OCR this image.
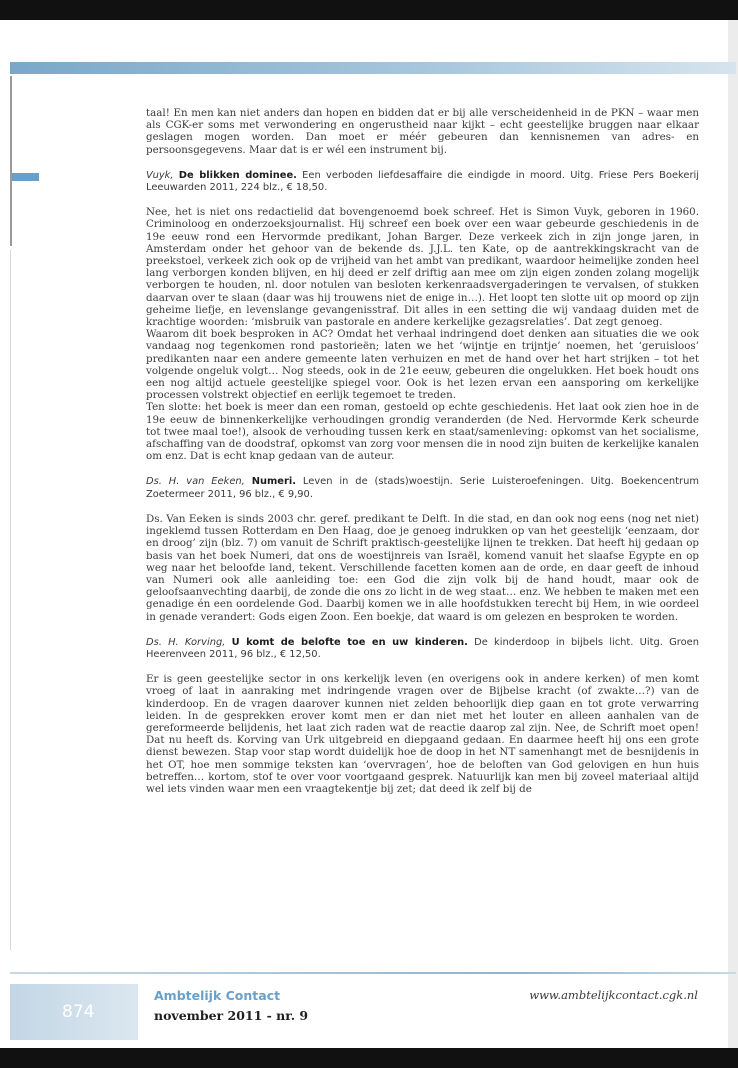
taal! En men kan niet anders dan hopen en bidden dat er bij alle verscheidenheid in de PKN – waar men als CGK-er soms met verwondering en ongerustheid naar kijkt – echt geestelijke bruggen naar elkaar geslagen mogen worden. Dan moet er méér gebeuren dan kennisnemen van adres- en persoonsgegevens. Maar dat is er wél een instrument bij.

Vuyk, De blikken dominee. Een verboden liefdesaffaire die eindigde in moord. Uitg. Friese Pers Boekerij Leeuwarden 2011, 224 blz., € 18,50.

Nee, het is niet ons redactielid dat bovengenoemd boek schreef. Het is Simon Vuyk, geboren in 1960. Criminoloog en onderzoeksjournalist. Hij schreef een boek over een waar gebeurde geschiedenis in de 19e eeuw rond een Hervormde predikant, Johan Barger. Deze verkeek zich in zijn jonge jaren, in Amsterdam onder het gehoor van de bekende ds. J.J.L. ten Kate, op de aantrekkingskracht van de preekstoel, verkeek zich ook op de vrijheid van het ambt van predikant, waardoor heimelijke zonden heel lang verborgen konden blijven, en hij deed er zelf driftig aan mee om zijn eigen zonden zolang mogelijk verborgen te houden, nl. door notulen van besloten kerkenraadsvergaderingen te vervalsen, of stukken daarvan over te slaan (daar was hij trouwens niet de enige in…). Het loopt ten slotte uit op moord op zijn geheime liefje, en levenslange gevangenisstraf. Dit alles in een setting die wij vandaag duiden met de krachtige woorden: ‘misbruik van pastorale en andere kerkelijke gezagsrelaties’. Dat zegt genoeg.

Waarom dit boek besproken in AC? Omdat het verhaal indringend doet denken aan situaties die we ook vandaag nog tegenkomen rond pastorieën; laten we het ‘wijntje en trijntje’ noemen, het ‘geruisloos’ predikanten naar een andere gemeente laten verhuizen en met de hand over het hart strijken – tot het volgende ongeluk volgt… Nog steeds, ook in de 21e eeuw, gebeuren die ongelukken. Het boek houdt ons een nog altijd actuele geestelijke spiegel voor. Ook is het lezen ervan een aansporing om kerkelijke processen volstrekt objectief en eerlijk tegemoet te treden.

Ten slotte: het boek is meer dan een roman, gestoeld op echte geschiedenis. Het laat ook zien hoe in de 19e eeuw de binnenkerkelijke verhoudingen grondig veranderden (de Ned. Hervormde Kerk scheurde tot twee maal toe!), alsook de verhouding tussen kerk en staat/samenleving: opkomst van het socialisme, afschaffing van de doodstraf, opkomst van zorg voor mensen die in nood zijn buiten de kerkelijke kanalen om enz. Dat is echt knap gedaan van de auteur.

Ds. H. van Eeken, Numeri. Leven in de (stads)woestijn. Serie Luisteroefeningen. Uitg. Boekencentrum Zoetermeer 2011, 96 blz., € 9,90.

Ds. Van Eeken is sinds 2003 chr. geref. predikant te Delft. In die stad, en dan ook nog eens (nog net niet) ingeklemd tussen Rotterdam en Den Haag, doe je genoeg indrukken op van het geestelijk ‘eenzaam, dor en droog’ zijn (blz. 7) om vanuit de Schrift praktisch-geestelijke lijnen te trekken. Dat heeft hij gedaan op basis van het boek Numeri, dat ons de woestijnreis van Israël, komend vanuit het slaafse Egypte en op weg naar het beloofde land, tekent. Verschillende facetten komen aan de orde, en daar geeft de inhoud van Numeri ook alle aanleiding toe: een God die zijn volk bij de hand houdt, maar ook de geloofsaanvechting daarbij, de zonde die ons zo licht in de weg staat… enz. We hebben te maken met een genadige én een oordelende God. Daarbij komen we in alle hoofdstukken terecht bij Hem, in wie oordeel in genade verandert: Gods eigen Zoon. Een boekje, dat waard is om gelezen en besproken te worden.

Ds. H. Korving, U komt de belofte toe en uw kinderen. De kinderdoop in bijbels licht. Uitg. Groen Heerenveen 2011, 96 blz., € 12,50.

Er is geen geestelijke sector in ons kerkelijk leven (en overigens ook in andere kerken) of men komt vroeg of laat in aanraking met indringende vragen over de Bijbelse kracht (of zwakte…?) van de kinderdoop. En de vragen daarover kunnen niet zelden behoorlijk diep gaan en tot grote verwarring leiden. In de gesprekken erover komt men er dan niet met het louter en alleen aanhalen van de gereformeerde belijdenis, het laat zich raden wat de reactie daarop zal zijn. Nee, de Schrift moet open! Dat nu heeft ds. Korving van Urk uitgebreid en diepgaand gedaan. En daarmee heeft hij ons een grote dienst bewezen. Stap voor stap wordt duidelijk hoe de doop in het NT samenhangt met de besnijdenis in het OT, hoe men sommige teksten kan ‘overvragen’, hoe de beloften van God gelovigen en hun huis betreffen… kortom, stof te over voor voortgaand gesprek. Natuurlijk kan men bij zoveel materiaal altijd wel iets vinden waar men een vraagtekentje bij zet; dat deed ik zelf bij de

874
Ambtelijk Contact
november 2011 - nr. 9
www.ambtelijkcontact.cgk.nl
